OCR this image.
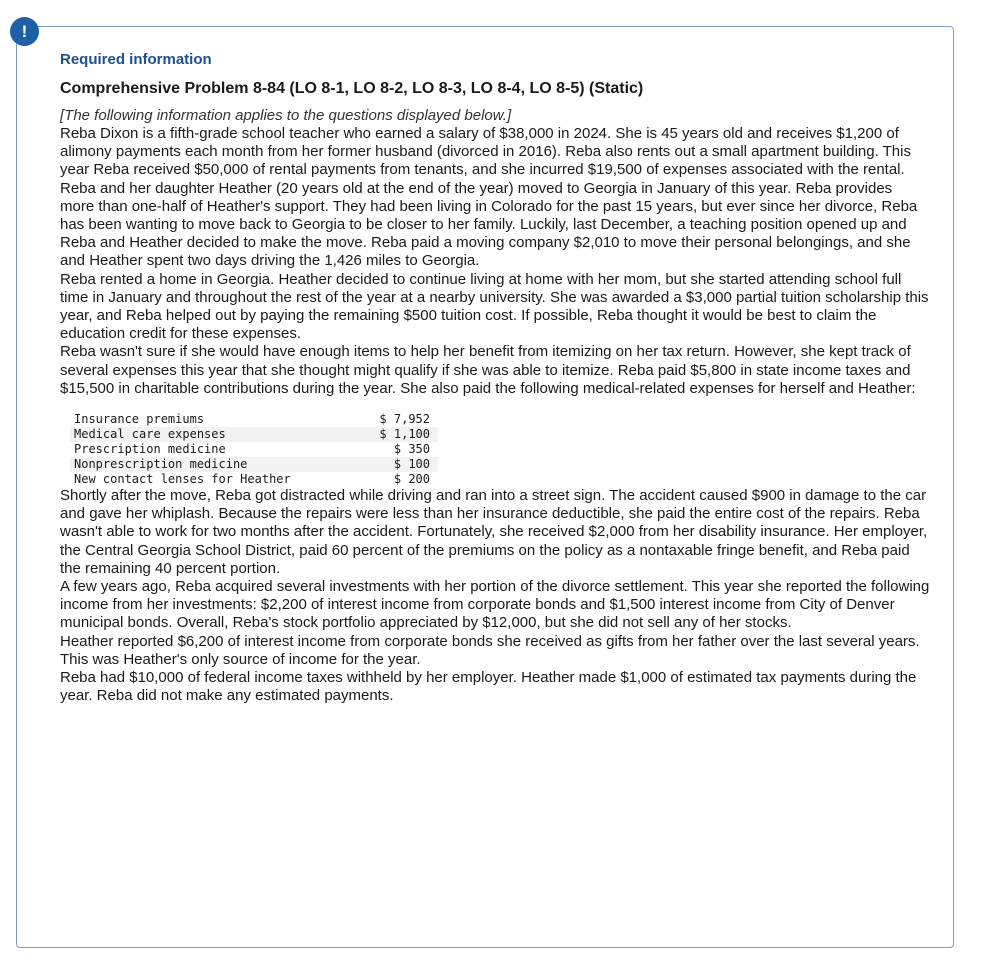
!
Required information
Comprehensive Problem 8-84 (LO 8-1, LO 8-2, LO 8-3, LO 8-4, LO 8-5) (Static)

[The following information applies to the questions displayed below.]

Reba Dixon is a fifth-grade school teacher who earned a salary of $38,000 in 2024. She is 45 years old and receives $1,200 of alimony payments each month from her former husband (divorced in 2016). Reba also rents out a small apartment building. This year Reba received $50,000 of rental payments from tenants, and she incurred $19,500 of expenses associated with the rental.

Reba and her daughter Heather (20 years old at the end of the year) moved to Georgia in January of this year. Reba provides more than one-half of Heather's support. They had been living in Colorado for the past 15 years, but ever since her divorce, Reba has been wanting to move back to Georgia to be closer to her family. Luckily, last December, a teaching position opened up and Reba and Heather decided to make the move. Reba paid a moving company $2,010 to move their personal belongings, and she and Heather spent two days driving the 1,426 miles to Georgia.

Reba rented a home in Georgia. Heather decided to continue living at home with her mom, but she started attending school full time in January and throughout the rest of the year at a nearby university. She was awarded a $3,000 partial tuition scholarship this year, and Reba helped out by paying the remaining $500 tuition cost. If possible, Reba thought it would be best to claim the education credit for these expenses.

Reba wasn't sure if she would have enough items to help her benefit from itemizing on her tax return. However, she kept track of several expenses this year that she thought might qualify if she was able to itemize. Reba paid $5,800 in state income taxes and $15,500 in charitable contributions during the year. She also paid the following medical-related expenses for herself and Heather:

Insurance premiums	$ 7,952
Medical care expenses	$ 1,100
Prescription medicine	$ 350
Nonprescription medicine	$ 100
New contact lenses for Heather	$ 200

Shortly after the move, Reba got distracted while driving and ran into a street sign. The accident caused $900 in damage to the car and gave her whiplash. Because the repairs were less than her insurance deductible, she paid the entire cost of the repairs. Reba wasn't able to work for two months after the accident. Fortunately, she received $2,000 from her disability insurance. Her employer, the Central Georgia School District, paid 60 percent of the premiums on the policy as a nontaxable fringe benefit, and Reba paid the remaining 40 percent portion.

A few years ago, Reba acquired several investments with her portion of the divorce settlement. This year she reported the following income from her investments: $2,200 of interest income from corporate bonds and $1,500 interest income from City of Denver municipal bonds. Overall, Reba's stock portfolio appreciated by $12,000, but she did not sell any of her stocks.

Heather reported $6,200 of interest income from corporate bonds she received as gifts from her father over the last several years. This was Heather's only source of income for the year.

Reba had $10,000 of federal income taxes withheld by her employer. Heather made $1,000 of estimated tax payments during the year. Reba did not make any estimated payments.
